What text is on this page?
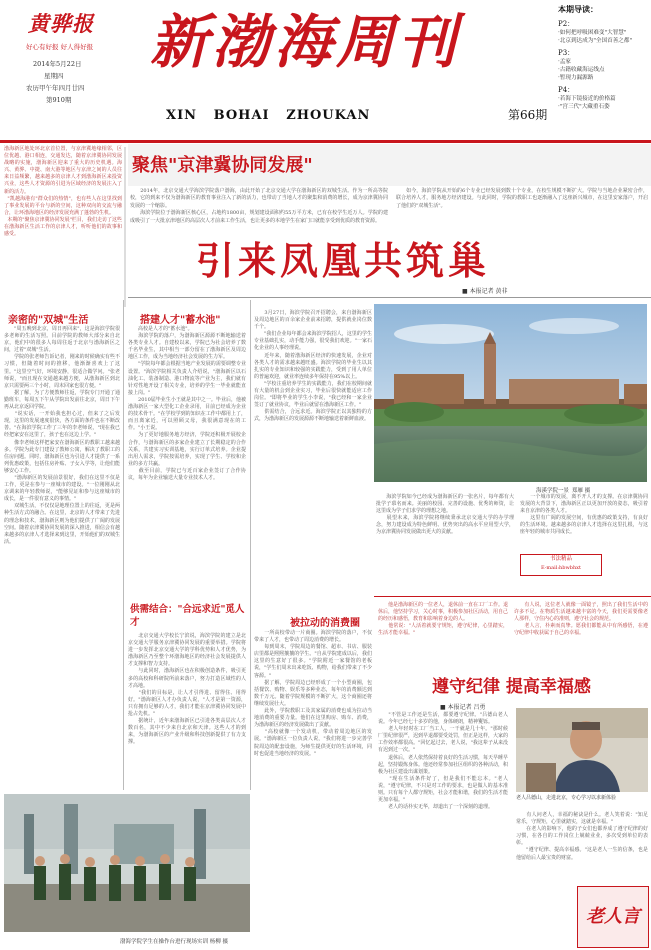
黄骅报
好心有好报 好人得好报
2014年5月22日
星期四
农历甲午年四月廿四
第910期
新渤海周刊
XIN   BOHAI   ZHOUKAN	第66期
本期导读：
P2：
·如何把呼吸困难变"大智慧"
·北京到达成为"全国首善之都"
P3：
·孟家
·古籍收藏海运线点
·暂现力漏源路
P4：
·若海下镜接近的价格篇
·"宫三代"大藏重石姿
渤海新区地处环北京首位置，与京津冀地缘相邻，区位优越、港口相连，交通发达，随着京津冀协同发展战略的实施，渤海新区迎来了重大的历史机遇。海兴、黄骅、中捷、南大港等地区与京津之间的人员往来日益频繁，越来越多的京津人才到渤海新区来投资兴业，这些人才资源的引进为区域经济的发展注入了新的活力。
"凯越海港有"群众们的热情"，也有些人在这里找到了事业发展的平台与新的空间，这种双向的交流与融合，让环渤海地区的经济发展充满了蓬勃的生机。
本期的"聚焦京津冀协同发展"栏目，我们走访了这些在渤海新区生活工作的京津人才，听听他们的故事和感受。
聚焦"京津冀协同发展"
　　2014年，北京交通大学海滨学院落户渤海，由此开始了北京交通大学在渤海新区的双城生活。作为一所高等院校，它的到来不仅为渤海新区的教育事业注入了新的活力，也带动了当地人才的聚集和消费的增长，成为京津冀协同发展的一个缩影。
　　海滨学院位于渤海新区核心区，占地约1800亩，规划建设面积约55万平方米，已有在校学生近万人。学院的建成吸引了一大批京津地区的高层次人才前来工作生活，也让更多的本地学生在家门口就能享受到优质的教育资源。
　　如今，海滨学院从开始的6个专业已经发展到数十个专业，在校生规模不断扩大。学院与当地企业紧密合作，联合培养人才，服务地方经济建设。与此同时，学院的教职工也逐渐融入了这座新兴城市，在这里安家落户，开启了他们的"双城生活"。
引来凤凰共筑巢
■ 本报记者 黄非
亲密的"双城"生活
　　"周五晚到北京，周日再回来"，这是海滨学院很多老师的生活写照。目前学院的教师大部分来自北京，他们中的很多人每周往返于北京与渤海新区之间，过着"双城"生活。
　　学院的张老师告诉记者，刚来的时候确实有些不习惯，但随着时间的推移，他渐渐喜欢上了这里。"这里空气好，环境安静，很适合做学问。"张老师说，"而且现在交通越来越方便，从渤海新区到北京只需要两三个小时，周末回家也很方便。"
　　据了解，为了方便教师往返，学院专门开通了通勤班车，每周五下午从学院出发前往北京，周日下午再从北京返回学院。
　　"说实话，一开始我也担心过，但来了之后发现，这里的发展速度很快，各方面的条件也在不断改善。"在海滨学院工作了三年的李老师说，"现在我已经把家安在这里了，孩子也在这边上学。"
　　像李老师这样把家安在渤海新区的教职工越来越多。学院为此专门建设了教师公寓，解决了教职工的住房问题。同时，渤海新区也为引进人才提供了一系列优惠政策，包括住房补贴、子女入学等，让他们能够安心工作。
　　"渤海新区的发展前景很好，我们在这里不仅是工作，更是在参与一座城市的建设。"一位刚刚从北京调来的年轻教师说，"能够见证和参与这座城市的成长，是一件很有意义的事情。"
　　双城生活，不仅仅是地理位置上的往返，更是两种生活方式的融合。在这里，北京的人才带来了先进的理念和技术，渤海新区则为他们提供了广阔的发展空间。随着京津冀协同发展的深入推进，相信会有越来越多的京津人才选择来到这里，开始他们的双城生活。
搭建人才"蓄水池"
　　高校是人才的"蓄水池"。
　　海滨学院的落户，为渤海新区源源不断地输送着各类专业人才。自建校以来，学院已为社会培养了数千名毕业生，其中相当一部分留在了渤海新区及周边地区工作，成为当地经济社会发展的生力军。
　　"学院每年都会根据当地产业发展的需要调整专业设置。"海滨学院相关负责人介绍说，"渤海新区以石油化工、装备制造、港口物流等产业为主，我们就有针对性地开设了相关专业，培养的学生一毕业就能直接上岗。"
　　2010届毕业生小王就是其中之一。毕业后，他被渤海新区一家大型化工企业录用，目前已经成为企业的技术骨干。"在学校学到的知识在工作中都用上了，而且离家近，可以照顾父母，我很满意现在的工作。"小王说。
　　为了更好地服务地方经济，学院还积极开展校企合作，与渤海新区的多家企业建立了长期稳定的合作关系，共建实习实训基地，实行订单式培养。企业提出用人需求，学院按需培养，实现了学生、学校和企业的多方共赢。
　　截至目前，学院已与近百家企业签订了合作协议，每年为企业输送大量专业技术人才。
供需结合："合远求近"觅人才
　　北京交通大学校长宁滨说，海滨学院的建立是北京交通大学服务京津冀协同发展的重要举措。学院将进一步发挥北京交通大学的学科优势和人才优势，为渤海新区乃至整个环渤海地区的经济社会发展提供人才支撑和智力支持。
　　与此同时，渤海新区也在积极创造条件，吸引更多的高校和科研院所前来落户，努力打造区域性的人才高地。
　　"我们的目标是，让人才引得进、留得住、用得好。"渤海新区人才办负责人说，"人才是第一资源，只有拥有足够的人才，我们才能在京津冀协同发展中抢占先机。"
　　据统计，近年来渤海新区已引进各类高层次人才数百名，其中不少来自北京和天津。这些人才的到来，为渤海新区的产业升级和科技创新提供了有力支撑。
　　3月27日，海滨学院召开招聘会，来自渤海新区及周边地区的百余家企业前来招聘，提供就业岗位数千个。
　　"我们企业每年都会来海滨学院招人，这里的学生专业基础扎实，动手能力强，很受我们欢迎。"一家石化企业的人事经理说。
　　近年来，随着渤海新区经济的快速发展，企业对各类人才的需求越来越旺盛。海滨学院的毕业生以其扎实的专业知识和较强的实践能力，受到了用人单位的普遍欢迎，就业率连续多年保持在95%以上。
　　"学校注重培养学生的实践能力，我们在校期间就有大量的机会到企业实习，毕业后很快就能适应工作岗位。"即将毕业的学生小李说，"我已经和一家企业签订了就业协议，毕业后就留在渤海新区工作。"
　　供需结合，合远求近。海滨学院正以其独特的方式，为渤海新区的发展源源不断地输送着新鲜血液。
被拉动的消费圈
　　一所高校带动一片商圈。海滨学院的落户，不仅带来了人才，也带动了周边消费的增长。
　　每到周末，学院周边的餐馆、超市、书店、服装店里都是熙熙攘攘的学生。"自从学院建成以后，我们这里的生意好了很多。"学院附近一家餐馆的老板说，"学生们周末出来吃饭、购物，给我们带来了不少客源。"
　　据了解，学院周边已经形成了一个小型商圈，包括餐饮、购物、娱乐等多种业态，每年的消费额达到数千万元。随着学院规模的不断扩大，这个商圈还将继续发展壮大。
　　此外，学院教职工及其家属的消费也成为拉动当地消费的重要力量。他们在这里购房、购车、消费，为渤海新区的经济发展做出了贡献。
　　"高校就像一个发动机，带动着周边地区的发展。"渤海新区一位负责人说，"我们将进一步完善学院周边的配套设施，为师生提供更好的生活环境，同时也促进当地经济的发展。"
海溪学院一景 郑雁 摄
　　海滨学院如今已经成为渤海新区的一张名片，每年都有大批学子慕名而来。美丽的校园、完善的设施、优秀的师资，让这里成为学子们求学的理想之地。
　　展望未来，海滨学院将继续秉承北京交通大学的办学理念，努力建设成为特色鲜明、优势突出的高水平应用型大学，为京津冀协同发展做出更大的贡献。
　　一个城市的发展，离不开人才的支撑。在京津冀协同发展的大背景下，渤海新区正以更加开放的姿态，吸引着来自京津的各类人才。
　　这里有广阔的发展空间，有优惠的政策支持，有良好的生活环境。越来越多的京津人才选择在这里扎根，与这座年轻的城市共同成长。
书法精品
E-mail:hbwbhxt
　　他是渤海新区的一位老人，退休前一直在工厂工作。退休后，他坚持学习，关心时事，积极参加社区活动，用自己的经历和感悟，教育和影响着身边的人。
　　他常说："人活着就要守规矩，遵守纪律，心里踏实，生活才能幸福。"
　　有人说，这位老人就像一面镜子，照出了我们生活中的许多不足。在物质生活越来越丰富的今天，我们更需要像老人那样，守住内心的准则，遵守社会的规范。
　　老人言，朴素而真挚。愿我们都能从中有所感悟，在遵守纪律中收获属于自己的幸福。
遵守纪律 提高幸福感
■ 本报记者 吕勇
　　"不管是工作还是生活，都要遵守纪律。"吕德山老人说。今年已经七十多岁的他，身体硬朗，精神矍铄。
　　老人年轻时在工厂当工人，一干就是几十年。"那时候厂里纪律很严，迟到早退都要受处罚，但正是这样，大家的工作效率都很高。"回忆起过去，老人说，"我这辈子从来没有迟到过一次。"
　　退休后，老人依然保持着良好的生活习惯，每天早睡早起，坚持锻炼身体。他还经常参加社区组织的各种活动，积极为社区建设出谋划策。
　　"现在生活条件好了，但是我们不能忘本。"老人说，"遵守纪律，不只是对工作的要求，也是做人的基本准则。只有每个人都守规矩，社会才能和谐，我们的生活才能更加幸福。"
　　老人的话朴实无华，却道出了一个深刻的道理。
老人吕德山，走进北京，专心学习以求新体验
　　有人问老人，幸福的秘诀是什么。老人笑着说："知足常乐，守规矩，心里就踏实，这就是幸福。"
　　在老人的影响下，他的子女们也都养成了遵守纪律的好习惯，在各自的工作岗位上兢兢业业，多次受到单位的表彰。
　　"遵守纪律、提高幸福感。"这是老人一生的信条，也是他留给后人最宝贵的财富。
老人言
渤海学院学生在操作台进行现场实训 杨柳 摄
